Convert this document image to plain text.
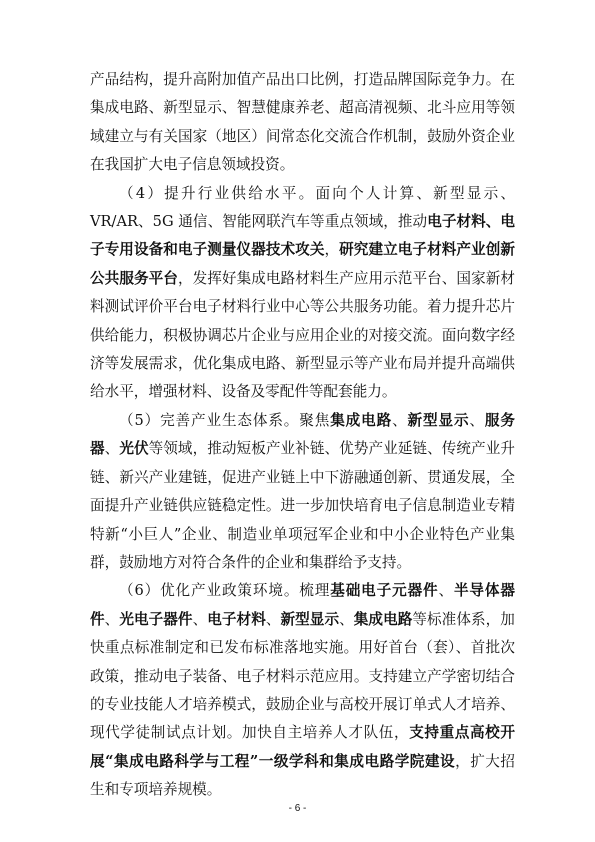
产品结构，提升高附加值产品出口比例，打造品牌国际竞争力。在集成电路、新型显示、智慧健康养老、超高清视频、北斗应用等领域建立与有关国家（地区）间常态化交流合作机制，鼓励外资企业在我国扩大电子信息领域投资。

（4）提升行业供给水平。面向个人计算、新型显示、VR/AR、5G 通信、智能网联汽车等重点领域，推动电子材料、电子专用设备和电子测量仪器技术攻关，研究建立电子材料产业创新公共服务平台，发挥好集成电路材料生产应用示范平台、国家新材料测试评价平台电子材料行业中心等公共服务功能。着力提升芯片供给能力，积极协调芯片企业与应用企业的对接交流。面向数字经济等发展需求，优化集成电路、新型显示等产业布局并提升高端供给水平，增强材料、设备及零配件等配套能力。

（5）完善产业生态体系。聚焦集成电路、新型显示、服务器、光伏等领域，推动短板产业补链、优势产业延链、传统产业升链、新兴产业建链，促进产业链上中下游融通创新、贯通发展，全面提升产业链供应链稳定性。进一步加快培育电子信息制造业专精特新“小巨人”企业、制造业单项冠军企业和中小企业特色产业集群，鼓励地方对符合条件的企业和集群给予支持。

（6）优化产业政策环境。梳理基础电子元器件、半导体器件、光电子器件、电子材料、新型显示、集成电路等标准体系，加快重点标准制定和已发布标准落地实施。用好首台（套）、首批次政策，推动电子装备、电子材料示范应用。支持建立产学密切结合的专业技能人才培养模式，鼓励企业与高校开展订单式人才培养、现代学徒制试点计划。加快自主培养人才队伍，支持重点高校开展“集成电路科学与工程”一级学科和集成电路学院建设，扩大招生和专项培养规模。

- 6 -
